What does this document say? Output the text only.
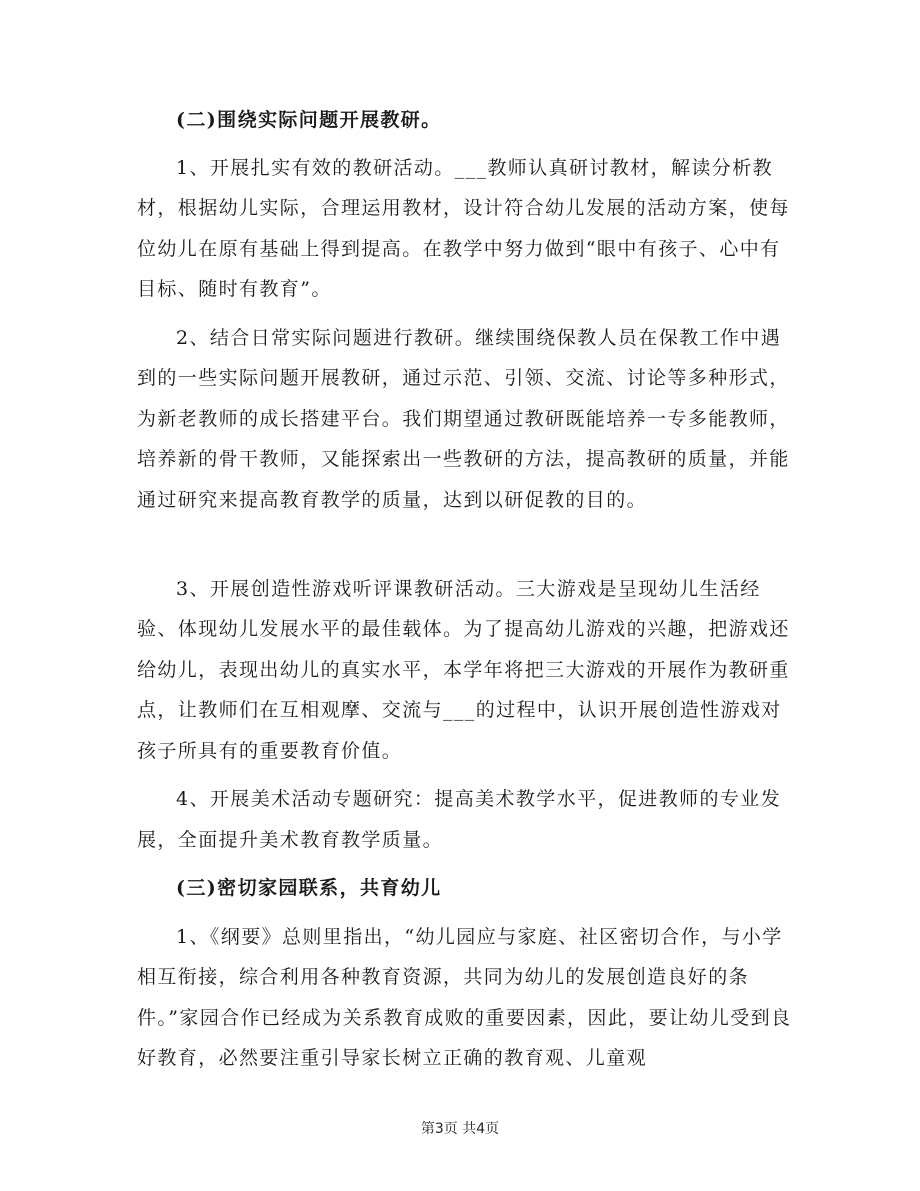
(二)围绕实际问题开展教研。

1、开展扎实有效的教研活动。___教师认真研讨教材，解读分析教材，根据幼儿实际，合理运用教材，设计符合幼儿发展的活动方案，使每位幼儿在原有基础上得到提高。在教学中努力做到“眼中有孩子、心中有目标、随时有教育”。

2、结合日常实际问题进行教研。继续围绕保教人员在保教工作中遇到的一些实际问题开展教研，通过示范、引领、交流、讨论等多种形式，为新老教师的成长搭建平台。我们期望通过教研既能培养一专多能教师，培养新的骨干教师，又能探索出一些教研的方法，提高教研的质量，并能通过研究来提高教育教学的质量，达到以研促教的目的。

3、开展创造性游戏听评课教研活动。三大游戏是呈现幼儿生活经验、体现幼儿发展水平的最佳载体。为了提高幼儿游戏的兴趣，把游戏还给幼儿，表现出幼儿的真实水平，本学年将把三大游戏的开展作为教研重点，让教师们在互相观摩、交流与___的过程中，认识开展创造性游戏对孩子所具有的重要教育价值。

4、开展美术活动专题研究：提高美术教学水平，促进教师的专业发展，全面提升美术教育教学质量。

(三)密切家园联系，共育幼儿

1、《纲要》总则里指出，“幼儿园应与家庭、社区密切合作，与小学相互衔接，综合利用各种教育资源，共同为幼儿的发展创造良好的条件。”家园合作已经成为关系教育成败的重要因素，因此，要让幼儿受到良好教育，必然要注重引导家长树立正确的教育观、儿童观

第3页 共4页
